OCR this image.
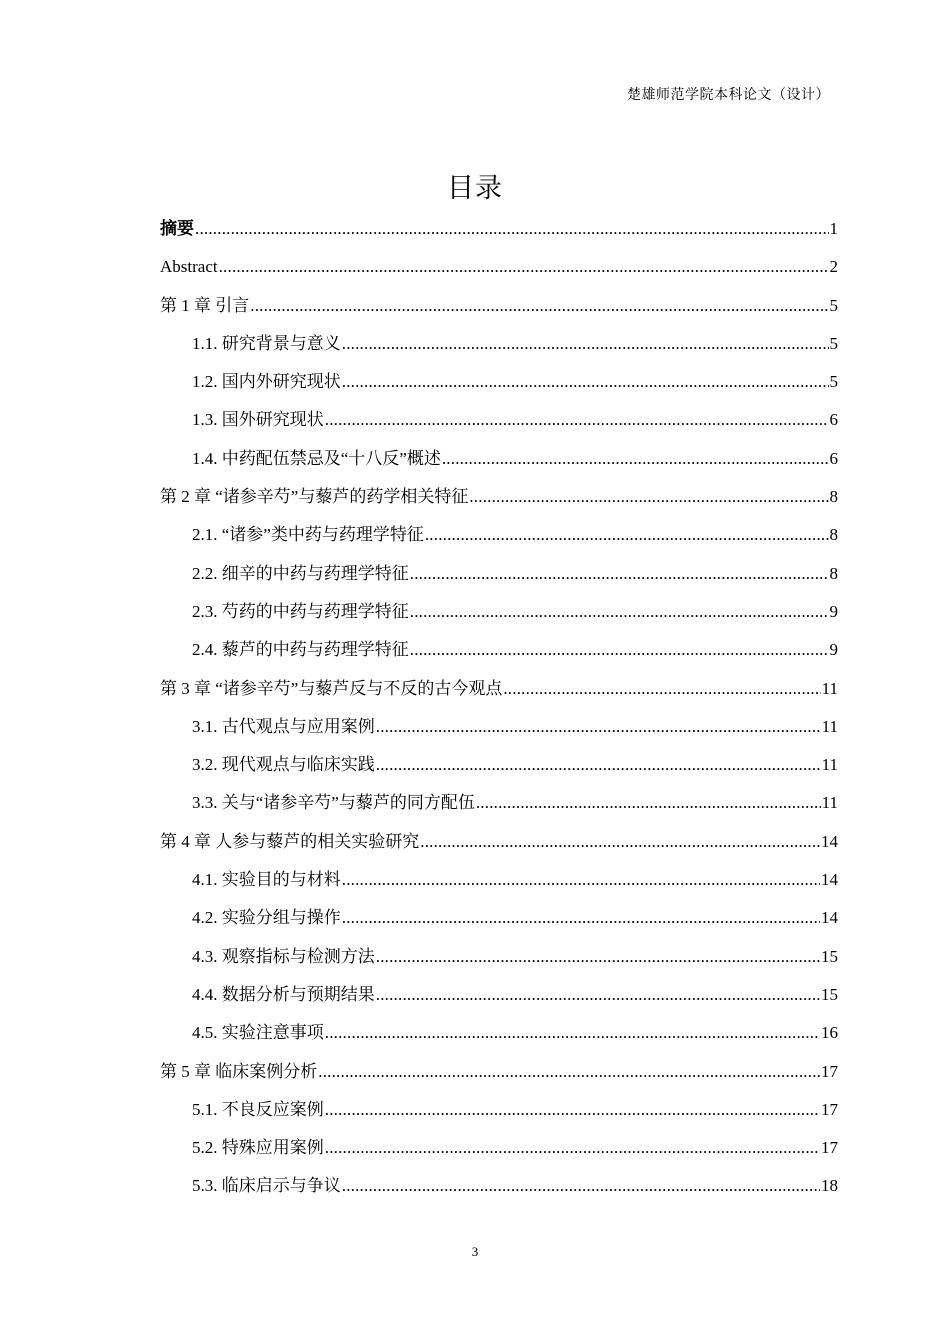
楚雄师范学院本科论文（设计）
目录
摘要 .....	1
Abstract .....	2
第 1 章 引言 .....	5
1.1. 研究背景与意义 .....	5
1.2. 国内外研究现状 .....	5
1.3. 国外研究现状 .....	6
1.4. 中药配伍禁忌及“十八反”概述 .....	6
第 2 章 “诸参辛芍”与藜芦的药学相关特征 .....	8
2.1. “诸参”类中药与药理学特征 .....	8
2.2. 细辛的中药与药理学特征 .....	8
2.3. 芍药的中药与药理学特征 .....	9
2.4. 藜芦的中药与药理学特征 .....	9
第 3 章 “诸参辛芍”与藜芦反与不反的古今观点 .....	11
3.1. 古代观点与应用案例 .....	11
3.2. 现代观点与临床实践 .....	11
3.3. 关与“诸参辛芍”与藜芦的同方配伍 .....	11
第 4 章 人参与藜芦的相关实验研究 .....	14
4.1. 实验目的与材料 .....	14
4.2. 实验分组与操作 .....	14
4.3. 观察指标与检测方法 .....	15
4.4. 数据分析与预期结果 .....	15
4.5. 实验注意事项 .....	16
第 5 章 临床案例分析 .....	17
5.1. 不良反应案例 .....	17
5.2. 特殊应用案例 .....	17
5.3. 临床启示与争议 .....	18
3
